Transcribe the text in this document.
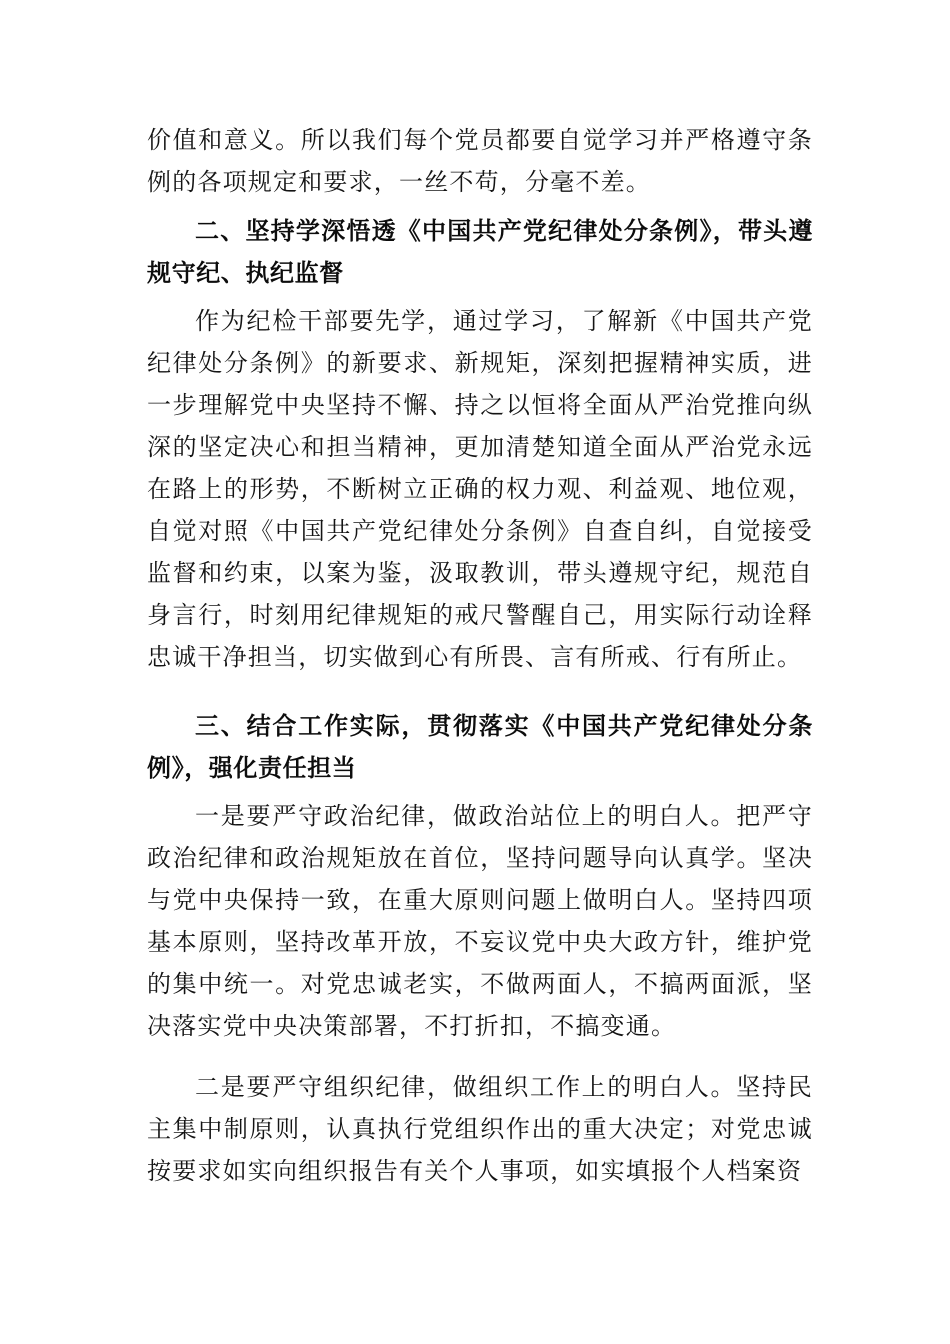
价值和意义。所以我们每个党员都要自觉学习并严格遵守条例的各项规定和要求，一丝不苟，分毫不差。

二、坚持学深悟透《中国共产党纪律处分条例》，带头遵规守纪、执纪监督

作为纪检干部要先学，通过学习，了解新《中国共产党纪律处分条例》的新要求、新规矩，深刻把握精神实质，进一步理解党中央坚持不懈、持之以恒将全面从严治党推向纵深的坚定决心和担当精神，更加清楚知道全面从严治党永远在路上的形势，不断树立正确的权力观、利益观、地位观，自觉对照《中国共产党纪律处分条例》自查自纠，自觉接受监督和约束，以案为鉴，汲取教训，带头遵规守纪，规范自身言行，时刻用纪律规矩的戒尺警醒自己，用实际行动诠释忠诚干净担当，切实做到心有所畏、言有所戒、行有所止。

三、结合工作实际，贯彻落实《中国共产党纪律处分条例》，强化责任担当

一是要严守政治纪律，做政治站位上的明白人。把严守政治纪律和政治规矩放在首位，坚持问题导向认真学。坚决与党中央保持一致，在重大原则问题上做明白人。坚持四项基本原则，坚持改革开放，不妄议党中央大政方针，维护党的集中统一。对党忠诚老实，不做两面人，不搞两面派，坚决落实党中央决策部署，不打折扣，不搞变通。

二是要严守组织纪律，做组织工作上的明白人。坚持民主集中制原则，认真执行党组织作出的重大决定；对党忠诚按要求如实向组织报告有关个人事项，如实填报个人档案资
